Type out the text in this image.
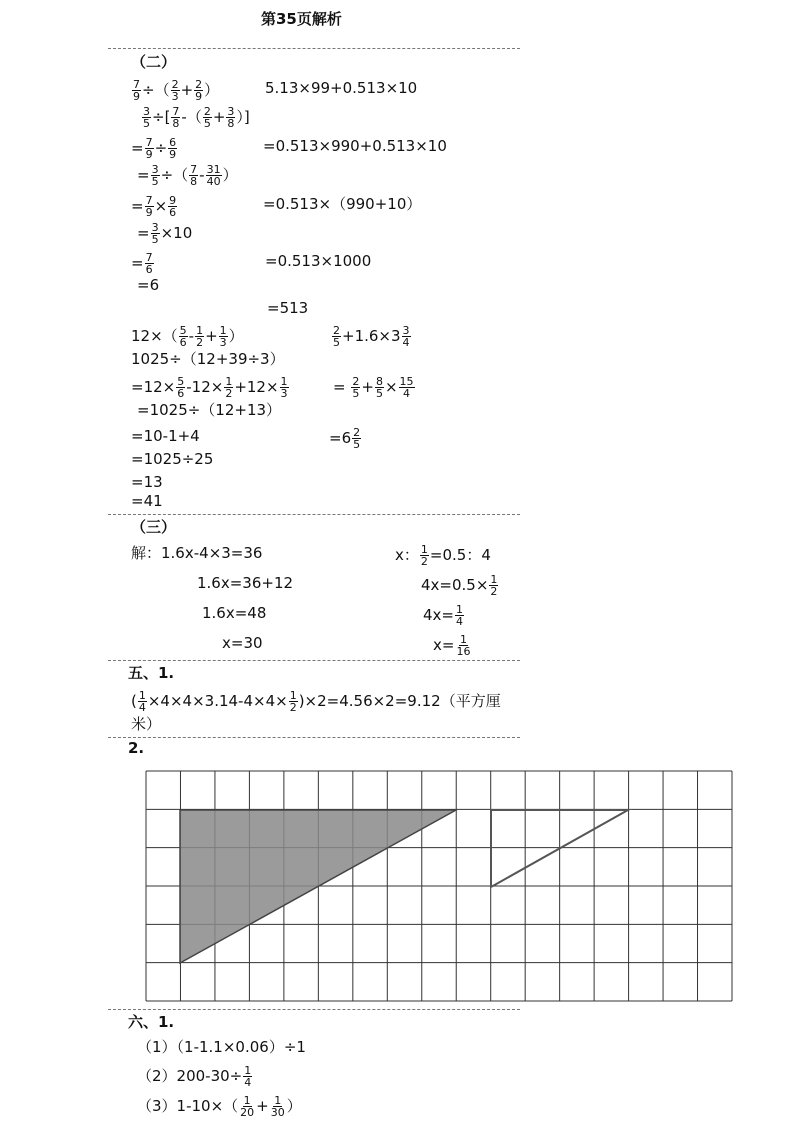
第35页解析
（二）
$\frac{7}{9}$ ÷（ $\frac{2}{3} + \frac{2}{9}$ ）	5.13×99+0.513×10
$\frac{3}{5}$ ÷[ $\frac{7}{8}$ -（ $\frac{2}{5} + \frac{3}{8}$ ）]
= $\frac{7}{9} \div \frac{6}{9}$	=0.513×990+0.513×10
= $\frac{3}{5}$ ÷（ $\frac{7}{8} - \frac{31}{40}$ ）
= $\frac{7}{9} \times \frac{9}{6}$	=0.513×（990+10）
= $\frac{3}{5} \times 10$
= $\frac{7}{6}$	=0.513×1000
=6
=513
$12\times( \frac{5}{6} - \frac{1}{2} + \frac{1}{3}$ ）	$\frac{2}{5} +1.6\times 3 \frac{3}{4}$
1025÷（12+39÷3）
$=12\times \frac{5}{6} -12\times \frac{1}{2} +12\times \frac{1}{3}$	= $\frac{2}{5} + \frac{8}{5} \times \frac{15}{4}$
=1025÷（12+13）
=10-1+4	$=6 \frac{2}{5}$
=1025÷25
=13
=41
（三）
解：1.6x-4×3=36
1.6x=36+12
1.6x=48
x=30
x： $\frac{1}{2} =0.5$：4
$4x=0.5\times \frac{1}{2}$
$4x= \frac{1}{4}$
$x= \frac{1}{16}$
五、1.
( $\frac{1}{4} \times 4\times 4\times 3.14-4\times 4\times \frac{1}{2} )\times 2=4.56\times 2=9.12$（平方厘
米）
2.
六、1.
（1）（1-1.1×0.06）÷1
$(2)200-30\div \frac{1}{4}$
$(3)1-10\times( \frac{1}{20} + \frac{1}{30}$ ）
